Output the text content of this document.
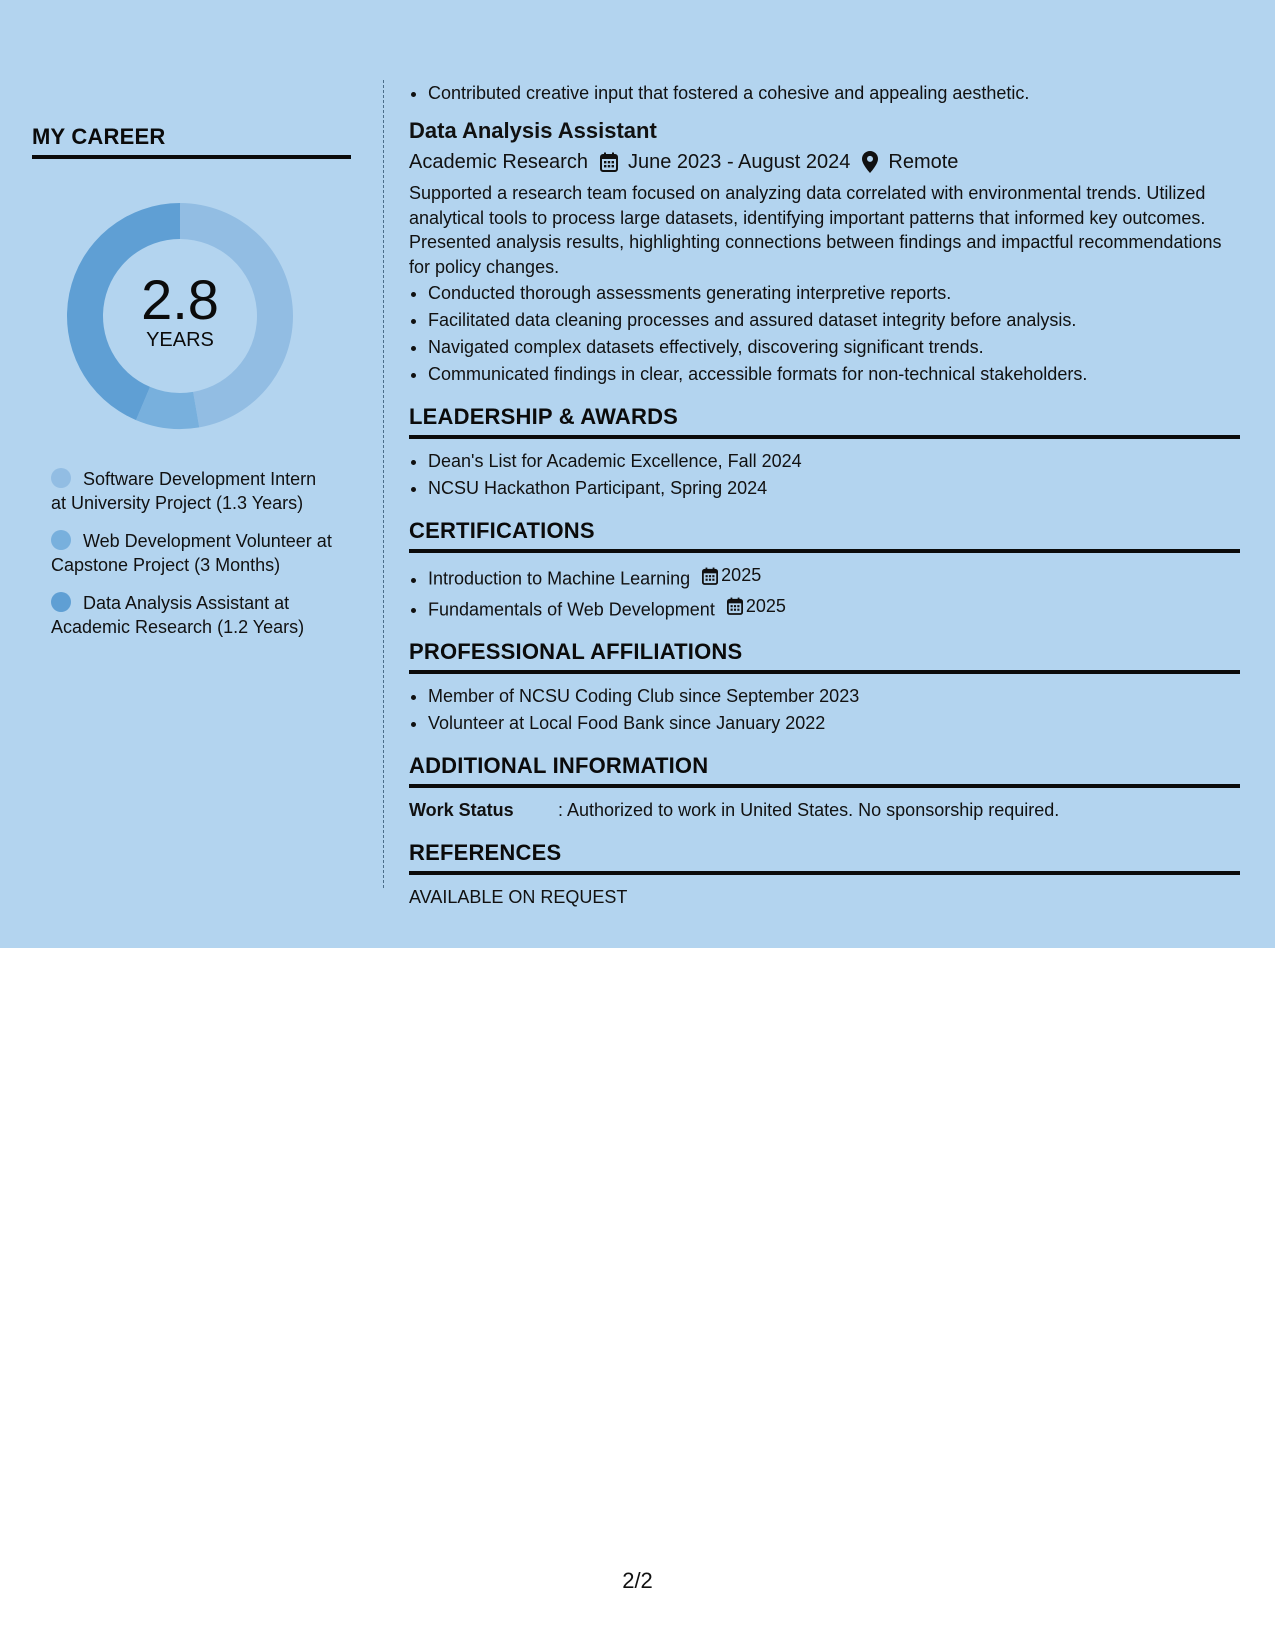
MY CAREER
2.8
YEARS
Software Development Intern at University Project (1.3 Years)
Web Development Volunteer at Capstone Project (3 Months)
Data Analysis Assistant at Academic Research (1.2 Years)
• Contributed creative input that fostered a cohesive and appealing aesthetic.
Data Analysis Assistant
Academic Research June 2023 - August 2024 Remote
Supported a research team focused on analyzing data correlated with environmental trends. Utilized analytical tools to process large datasets, identifying important patterns that informed key outcomes. Presented analysis results, highlighting connections between findings and impactful recommendations for policy changes.
• Conducted thorough assessments generating interpretive reports.
• Facilitated data cleaning processes and assured dataset integrity before analysis.
• Navigated complex datasets effectively, discovering significant trends.
• Communicated findings in clear, accessible formats for non-technical stakeholders.
LEADERSHIP & AWARDS
• Dean's List for Academic Excellence, Fall 2024
• NCSU Hackathon Participant, Spring 2024
CERTIFICATIONS
• Introduction to Machine Learning 2025
• Fundamentals of Web Development 2025
PROFESSIONAL AFFILIATIONS
• Member of NCSU Coding Club since September 2023
• Volunteer at Local Food Bank since January 2022
ADDITIONAL INFORMATION
Work Status	: Authorized to work in United States. No sponsorship required.
REFERENCES
AVAILABLE ON REQUEST
2/2
